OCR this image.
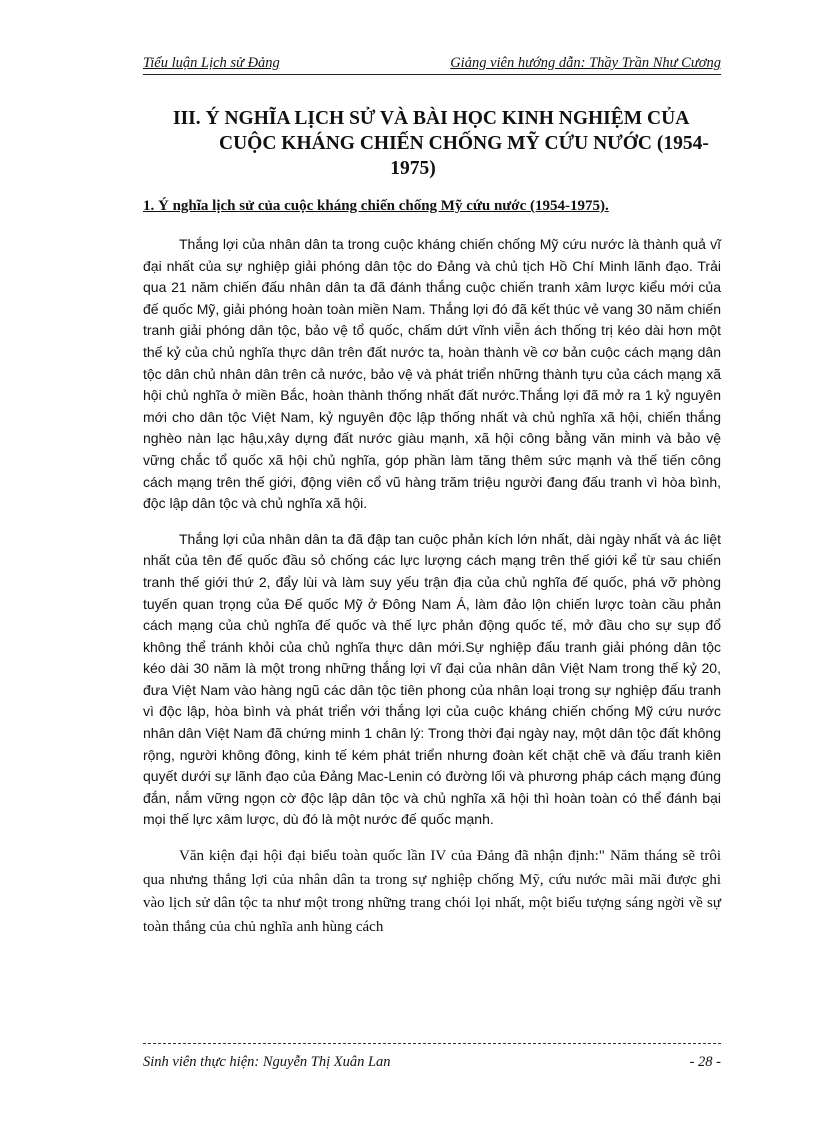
Tiểu luận Lịch sử Đảng	Giảng viên hướng dẫn: Thầy Trần Như Cương
III. Ý NGHĨA LỊCH SỬ VÀ BÀI HỌC KINH NGHIỆM CỦA
CUỘC KHÁNG CHIẾN CHỐNG MỸ CỨU NƯỚC (1954-
1975)
1. Ý nghĩa lịch sử của cuộc kháng chiến chống Mỹ cứu nước (1954-1975).

Thắng lợi của nhân dân ta trong cuộc kháng chiến chống Mỹ cứu nước là thành quả vĩ đại nhất của sự nghiệp giải phóng dân tộc do Đảng và chủ tịch Hồ Chí Minh lãnh đạo. Trải qua 21 năm chiến đấu nhân dân ta đã đánh thắng cuộc chiến tranh xâm lược kiểu mới của đế quốc Mỹ, giải phóng hoàn toàn miền Nam. Thắng lợi đó đã kết thúc vẻ vang 30 năm chiến tranh giải phóng dân tộc, bảo vệ tổ quốc, chấm dứt vĩnh viễn ách thống trị kéo dài hơn một thế kỷ của chủ nghĩa thực dân trên đất nước ta, hoàn thành về cơ bản cuộc cách mạng dân tộc dân chủ nhân dân trên cả nước, bảo vệ và phát triển những thành tựu của cách mạng xã hội chủ nghĩa ở miền Bắc, hoàn thành thống nhất đất nước.Thắng lợi đã mở ra 1 kỷ nguyên mới cho dân tộc Việt Nam, kỷ nguyên độc lập thống nhất và chủ nghĩa xã hội, chiến thắng nghèo nàn lạc hậu,xây dựng đất nước giàu mạnh, xã hội công bằng văn minh và bảo vệ vững chắc tổ quốc xã hội chủ nghĩa, góp phần làm tăng thêm sức mạnh và thế tiến công cách mạng trên thế giới, động viên cổ vũ hàng trăm triệu người đang đấu tranh vì hòa bình, độc lập dân tộc và chủ nghĩa xã hội.

Thắng lợi của nhân dân ta đã đập tan cuộc phản kích lớn nhất, dài ngày nhất và ác liệt nhất của tên đế quốc đầu sỏ chống các lực lượng cách mạng trên thế giới kể từ sau chiến tranh thế giới thứ 2, đẩy lùi và làm suy yếu trận địa của chủ nghĩa đế quốc, phá vỡ phòng tuyến quan trọng của Đế quốc Mỹ ở Đông Nam Á, làm đảo lộn chiến lược toàn cầu phản cách mạng của chủ nghĩa đế quốc và thế lực phản động quốc tế, mở đầu cho sự sụp đổ không thể tránh khỏi của chủ nghĩa thực dân mới.Sự nghiệp đấu tranh giải phóng dân tộc kéo dài 30 năm là một trong những thắng lợi vĩ đại của nhân dân Việt Nam trong thế kỷ 20, đưa Việt Nam vào hàng ngũ các dân tộc tiên phong của nhân loại trong sự nghiệp đấu tranh vì độc lập, hòa bình và phát triển với thắng lợi của cuộc kháng chiến chống Mỹ cứu nước nhân dân Việt Nam đã chứng minh 1 chân lý: Trong thời đại ngày nay, một dân tộc đất không rộng, người không đông, kinh tế kém phát triển nhưng đoàn kết chặt chẽ và đấu tranh kiên quyết dưới sự lãnh đạo của Đảng Mac-Lenin có đường lối và phương pháp cách mạng đúng đắn, nắm vững ngọn cờ độc lập dân tộc và chủ nghĩa xã hội thì hoàn toàn có thể đánh bại mọi thế lực xâm lược, dù đó là một nước đế quốc mạnh.

Văn kiện đại hội đại biểu toàn quốc lần IV của Đảng đã nhận định:" Năm tháng sẽ trôi qua nhưng thắng lợi của nhân dân ta trong sự nghiệp chống Mỹ, cứu nước mãi mãi được ghi vào lịch sử dân tộc ta như một trong những trang chói lọi nhất, một biểu tượng sáng ngời về sự toàn thắng của chủ nghĩa anh hùng cách

Sinh viên thực hiện: Nguyễn Thị Xuân Lan	- 28 -
